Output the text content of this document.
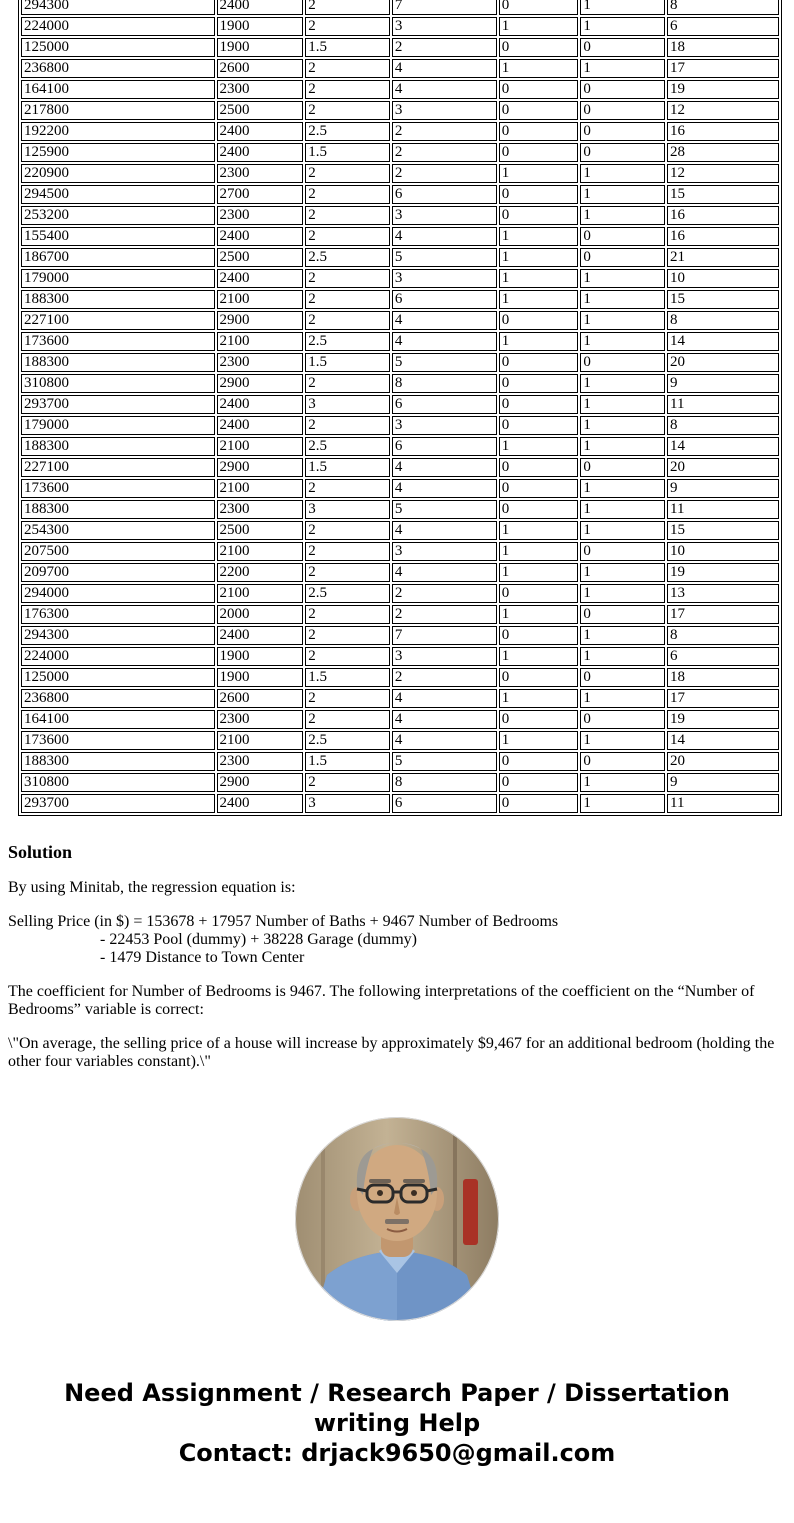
294300	2400	2	7	0	1	8
224000	1900	2	3	1	1	6
125000	1900	1.5	2	0	0	18
236800	2600	2	4	1	1	17
164100	2300	2	4	0	0	19
217800	2500	2	3	0	0	12
192200	2400	2.5	2	0	0	16
125900	2400	1.5	2	0	0	28
220900	2300	2	2	1	1	12
294500	2700	2	6	0	1	15
253200	2300	2	3	0	1	16
155400	2400	2	4	1	0	16
186700	2500	2.5	5	1	0	21
179000	2400	2	3	1	1	10
188300	2100	2	6	1	1	15
227100	2900	2	4	0	1	8
173600	2100	2.5	4	1	1	14
188300	2300	1.5	5	0	0	20
310800	2900	2	8	0	1	9
293700	2400	3	6	0	1	11
179000	2400	2	3	0	1	8
188300	2100	2.5	6	1	1	14
227100	2900	1.5	4	0	0	20
173600	2100	2	4	0	1	9
188300	2300	3	5	0	1	11
254300	2500	2	4	1	1	15
207500	2100	2	3	1	0	10
209700	2200	2	4	1	1	19
294000	2100	2.5	2	0	1	13
176300	2000	2	2	1	0	17
294300	2400	2	7	0	1	8
224000	1900	2	3	1	1	6
125000	1900	1.5	2	0	0	18
236800	2600	2	4	1	1	17
164100	2300	2	4	0	0	19
173600	2100	2.5	4	1	1	14
188300	2300	1.5	5	0	0	20
310800	2900	2	8	0	1	9
293700	2400	3	6	0	1	11
Solution

By using Minitab, the regression equation is:

Selling Price (in $) = 153678 + 17957 Number of Baths + 9467 Number of Bedrooms
- 22453 Pool (dummy) + 38228 Garage (dummy)
- 1479 Distance to Town Center

The coefficient for Number of Bedrooms is 9467. The following interpretations of the coefficient on the “Number of Bedrooms” variable is correct:

\"On average, the selling price of a house will increase by approximately $9,467 for an additional bedroom (holding the other four variables constant).\"

Need Assignment / Research Paper / Dissertation writing Help
Contact: drjack9650@gmail.com
